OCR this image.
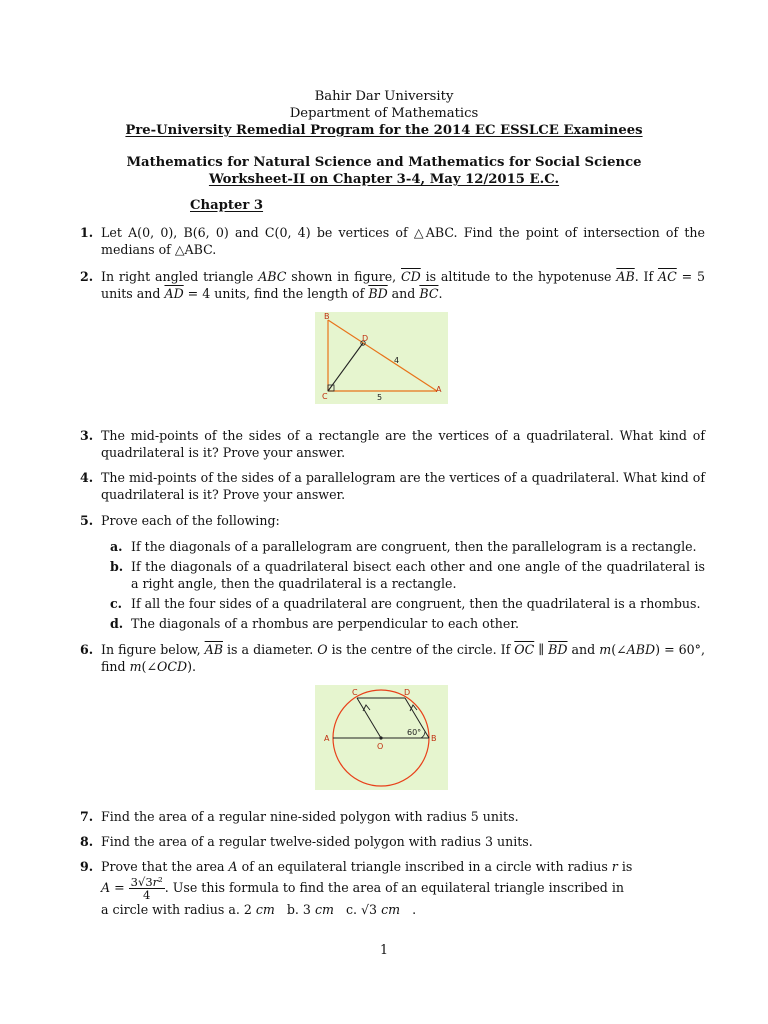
Bahir Dar University
Department of Mathematics
Pre-University Remedial Program for the 2014 EC ESSLCE Examinees
Mathematics for Natural Science and Mathematics for Social Science
Worksheet-II on Chapter 3-4, May 12/2015 E.C.
Chapter 3
1. Let A(0, 0), B(6, 0) and C(0, 4) be vertices of △ABC. Find the point of intersection of the medians of △ABC.
2. In right angled triangle ABC shown in figure, $\overline{CD}$ is altitude to the hypotenuse $\overline{AB}$. If $\overline{AC} = 5$ units and $\overline{AD} = 4$ units, find the length of $\overline{BD}$ and $\overline{BC}$.
B
D
C
A
4
5
3. The mid-points of the sides of a rectangle are the vertices of a quadrilateral. What kind of quadrilateral is it? Prove your answer.
4. The mid-points of the sides of a parallelogram are the vertices of a quadrilateral. What kind of quadrilateral is it? Prove your answer.
5. Prove each of the following:
a. If the diagonals of a parallelogram are congruent, then the parallelogram is a rectangle.
b. If the diagonals of a quadrilateral bisect each other and one angle of the quadrilateral is a right angle, then the quadrilateral is a rectangle.
c. If all the four sides of a quadrilateral are congruent, then the quadrilateral is a rhombus.
d. The diagonals of a rhombus are perpendicular to each other.
6. In figure below, $\overline{AB}$ is a diameter. O is the centre of the circle. If $\overline{OC}$ ∥ $\overline{BD}$ and m(∠ABD) = 60°, find m(∠OCD).
C	D
A	B
O
60°
7. Find the area of a regular nine-sided polygon with radius 5 units.
8. Find the area of a regular twelve-sided polygon with radius 3 units.
9. Prove that the area A of an equilateral triangle inscribed in a circle with radius r is
$A = \frac{\text{3√3r²}}{4}$ . Use this formula to find the area of an equilateral triangle inscribed in
a circle with radius a. 2 cm   b. 3 cm   c. √3 cm   .
1
